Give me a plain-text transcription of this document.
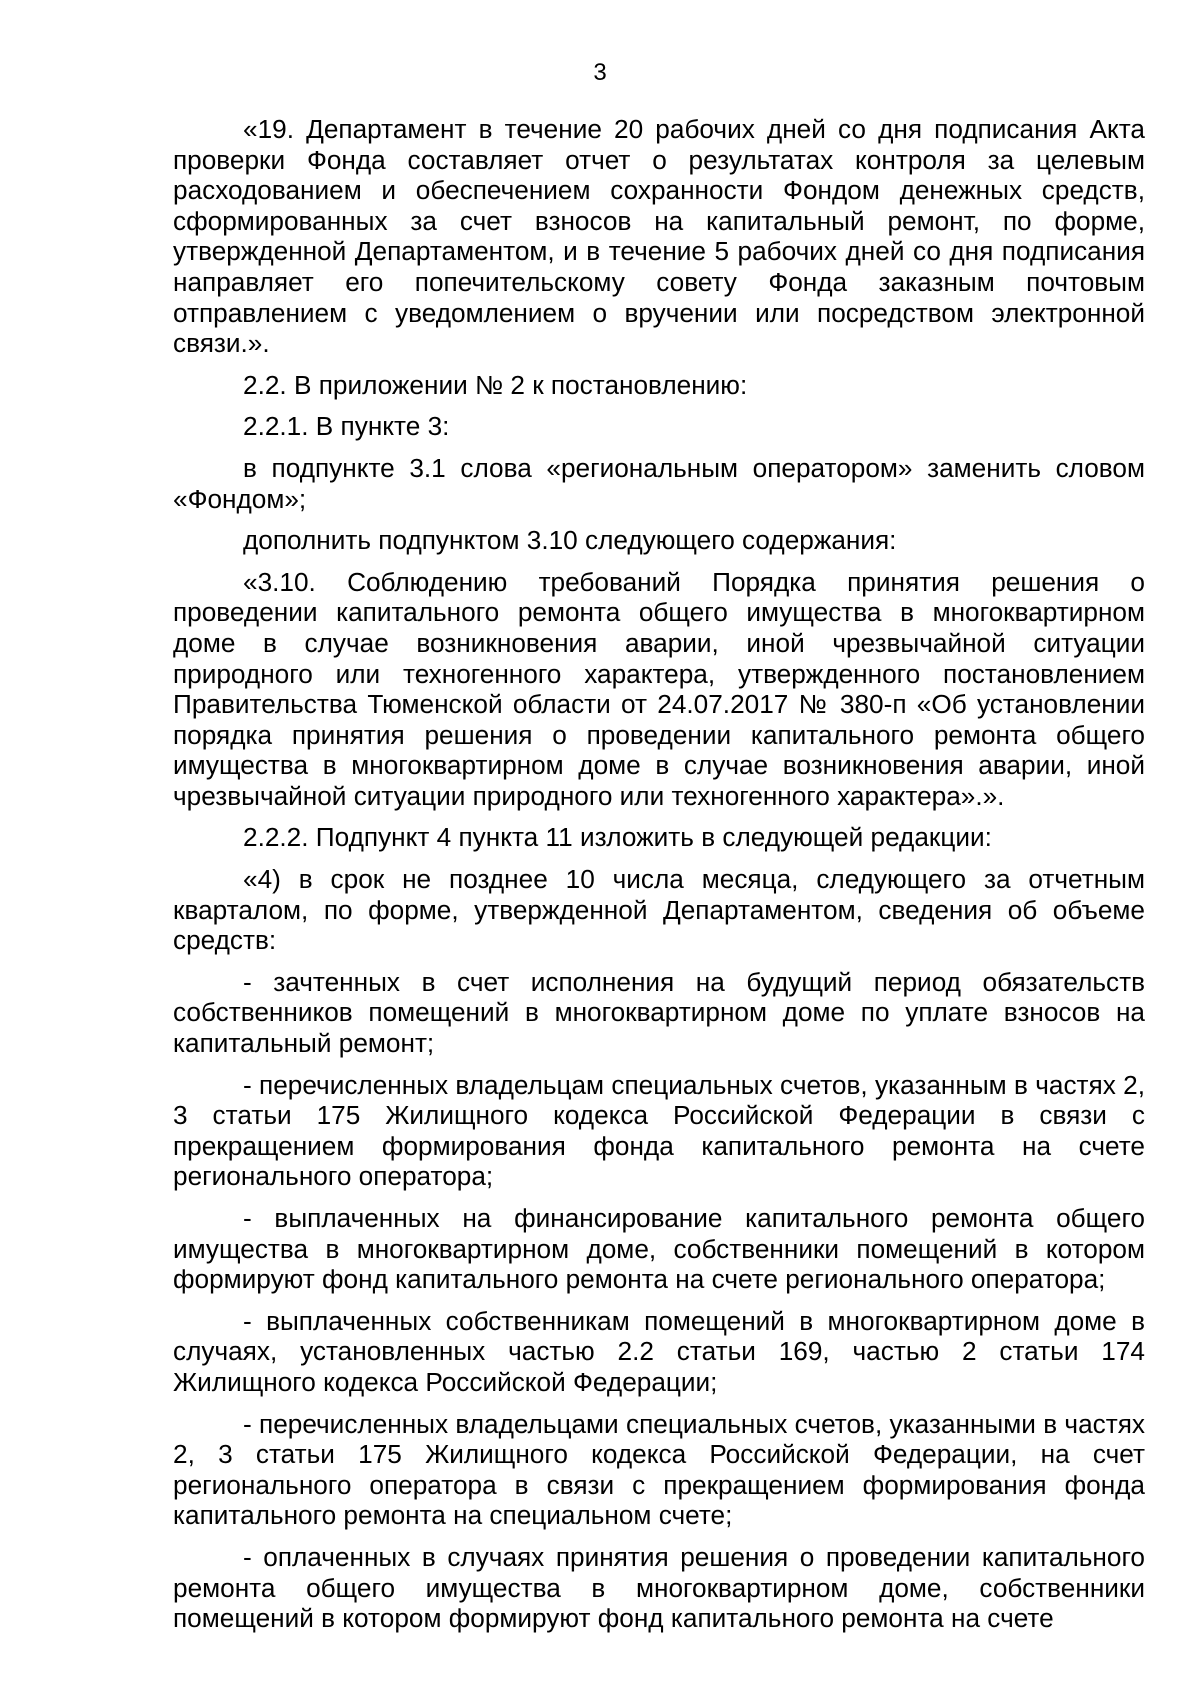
3

«19. Департамент в течение 20 рабочих дней со дня подписания Акта проверки Фонда составляет отчет о результатах контроля за целевым расходованием и обеспечением сохранности Фондом денежных средств, сформированных за счет взносов на капитальный ремонт, по форме, утвержденной Департаментом, и в течение 5 рабочих дней со дня подписания направляет его попечительскому совету Фонда заказным почтовым отправлением с уведомлением о вручении или посредством электронной связи.».

2.2. В приложении № 2 к постановлению:

2.2.1. В пункте 3:

в подпункте 3.1 слова «региональным оператором» заменить словом «Фондом»;

дополнить подпунктом 3.10 следующего содержания:

«3.10. Соблюдению требований Порядка принятия решения о проведении капитального ремонта общего имущества в многоквартирном доме в случае возникновения аварии, иной чрезвычайной ситуации природного или техногенного характера, утвержденного постановлением Правительства Тюменской области от 24.07.2017 № 380-п «Об установлении порядка принятия решения о проведении капитального ремонта общего имущества в многоквартирном доме в случае возникновения аварии, иной чрезвычайной ситуации природного или техногенного характера».».

2.2.2. Подпункт 4 пункта 11 изложить в следующей редакции:

«4) в срок не позднее 10 числа месяца, следующего за отчетным кварталом, по форме, утвержденной Департаментом, сведения об объеме средств:

- зачтенных в счет исполнения на будущий период обязательств собственников помещений в многоквартирном доме по уплате взносов на капитальный ремонт;

- перечисленных владельцам специальных счетов, указанным в частях 2, 3 статьи 175 Жилищного кодекса Российской Федерации в связи с прекращением формирования фонда капитального ремонта на счете регионального оператора;

- выплаченных на финансирование капитального ремонта общего имущества в многоквартирном доме, собственники помещений в котором формируют фонд капитального ремонта на счете регионального оператора;

- выплаченных собственникам помещений в многоквартирном доме в случаях, установленных частью 2.2 статьи 169, частью 2 статьи 174 Жилищного кодекса Российской Федерации;

- перечисленных владельцами специальных счетов, указанными в частях 2, 3 статьи 175 Жилищного кодекса Российской Федерации, на счет регионального оператора в связи с прекращением формирования фонда капитального ремонта на специальном счете;

- оплаченных в случаях принятия решения о проведении капитального ремонта общего имущества в многоквартирном доме, собственники помещений в котором формируют фонд капитального ремонта на счете
